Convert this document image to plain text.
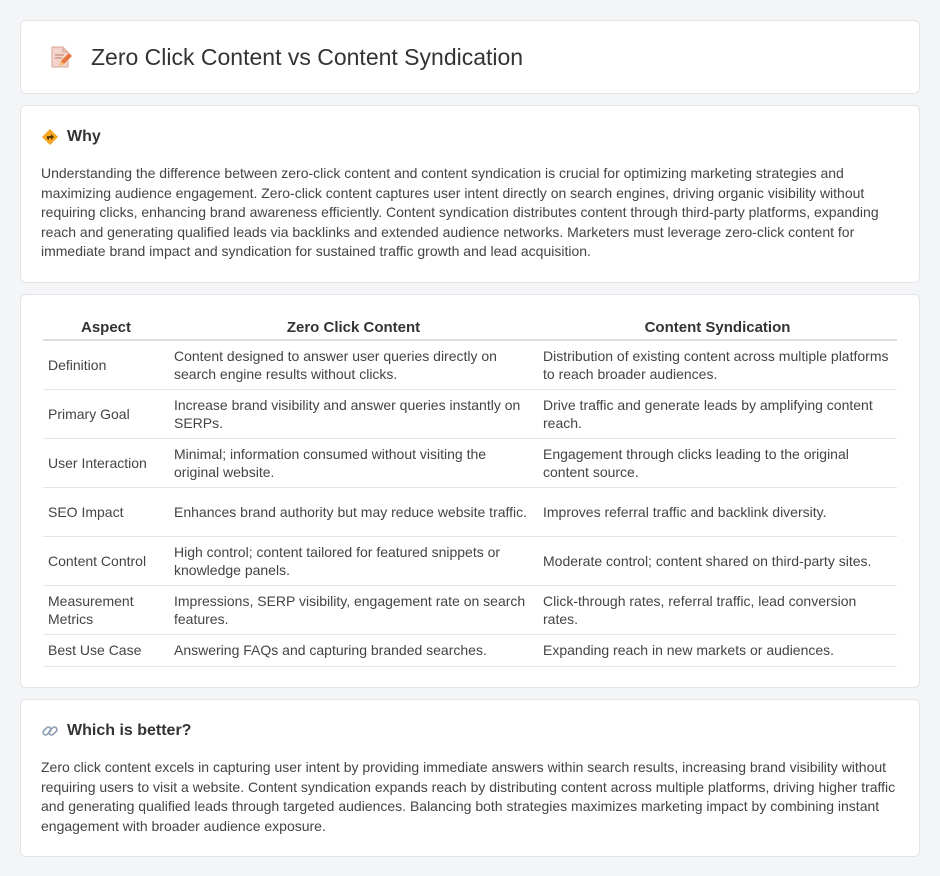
Zero Click Content vs Content Syndication
Why

Understanding the difference between zero-click content and content syndication is crucial for optimizing marketing strategies and maximizing audience engagement. Zero-click content captures user intent directly on search engines, driving organic visibility without requiring clicks, enhancing brand awareness efficiently. Content syndication distributes content through third-party platforms, expanding reach and generating qualified leads via backlinks and extended audience networks. Marketers must leverage zero-click content for immediate brand impact and syndication for sustained traffic growth and lead acquisition.

Aspect	Zero Click Content	Content Syndication
Definition	Content designed to answer user queries directly on search engine results without clicks.	Distribution of existing content across multiple platforms to reach broader audiences.
Primary Goal	Increase brand visibility and answer queries instantly on SERPs.	Drive traffic and generate leads by amplifying content reach.
User Interaction	Minimal; information consumed without visiting the original website.	Engagement through clicks leading to the original content source.
SEO Impact	Enhances brand authority but may reduce website traffic.	Improves referral traffic and backlink diversity.
Content Control	High control; content tailored for featured snippets or knowledge panels.	Moderate control; content shared on third-party sites.
Measurement Metrics	Impressions, SERP visibility, engagement rate on search features.	Click-through rates, referral traffic, lead conversion rates.
Best Use Case	Answering FAQs and capturing branded searches.	Expanding reach in new markets or audiences.
Which is better?

Zero click content excels in capturing user intent by providing immediate answers within search results, increasing brand visibility without requiring users to visit a website. Content syndication expands reach by distributing content across multiple platforms, driving higher traffic and generating qualified leads through targeted audiences. Balancing both strategies maximizes marketing impact by combining instant engagement with broader audience exposure.
